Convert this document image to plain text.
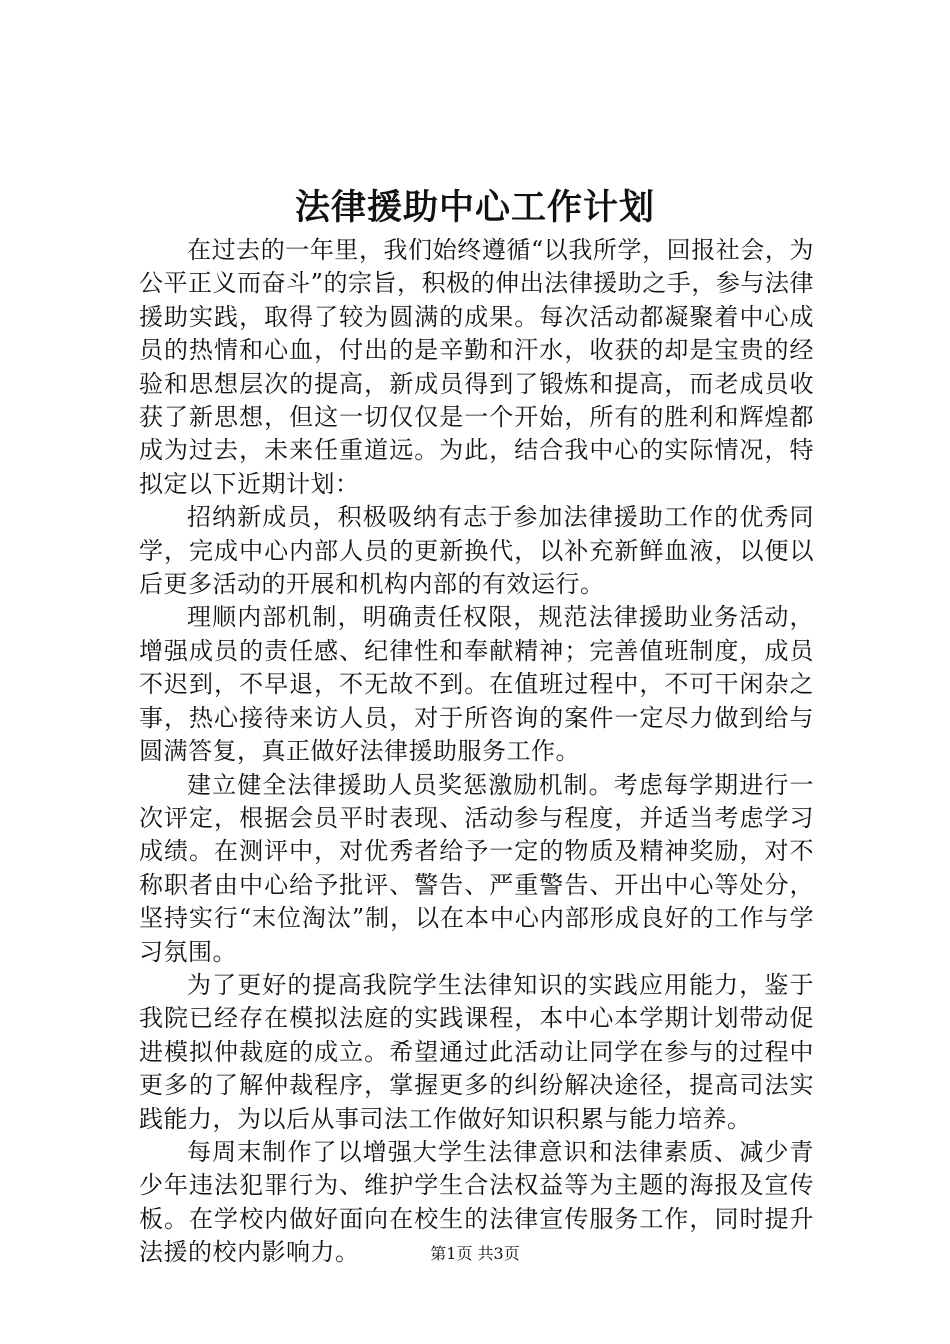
法律援助中心工作计划

在过去的一年里，我们始终遵循“以我所学，回报社会，为公平正义而奋斗”的宗旨，积极的伸出法律援助之手，参与法律援助实践，取得了较为圆满的成果。每次活动都凝聚着中心成员的热情和心血，付出的是辛勤和汗水，收获的却是宝贵的经验和思想层次的提高，新成员得到了锻炼和提高，而老成员收获了新思想，但这一切仅仅是一个开始，所有的胜利和辉煌都成为过去，未来任重道远。为此，结合我中心的实际情况，特拟定以下近期计划：

招纳新成员，积极吸纳有志于参加法律援助工作的优秀同学，完成中心内部人员的更新换代，以补充新鲜血液，以便以后更多活动的开展和机构内部的有效运行。

理顺内部机制，明确责任权限，规范法律援助业务活动，增强成员的责任感、纪律性和奉献精神；完善值班制度，成员不迟到，不早退，不无故不到。在值班过程中，不可干闲杂之事，热心接待来访人员，对于所咨询的案件一定尽力做到给与圆满答复，真正做好法律援助服务工作。

建立健全法律援助人员奖惩激励机制。考虑每学期进行一次评定，根据会员平时表现、活动参与程度，并适当考虑学习成绩。在测评中，对优秀者给予一定的物质及精神奖励，对不称职者由中心给予批评、警告、严重警告、开出中心等处分，坚持实行“末位淘汰”制，以在本中心内部形成良好的工作与学习氛围。

为了更好的提高我院学生法律知识的实践应用能力，鉴于我院已经存在模拟法庭的实践课程，本中心本学期计划带动促进模拟仲裁庭的成立。希望通过此活动让同学在参与的过程中更多的了解仲裁程序，掌握更多的纠纷解决途径，提高司法实践能力，为以后从事司法工作做好知识积累与能力培养。

每周末制作了以增强大学生法律意识和法律素质、减少青少年违法犯罪行为、维护学生合法权益等为主题的海报及宣传板。在学校内做好面向在校生的法律宣传服务工作，同时提升法援的校内影响力。	第1页 共3页
